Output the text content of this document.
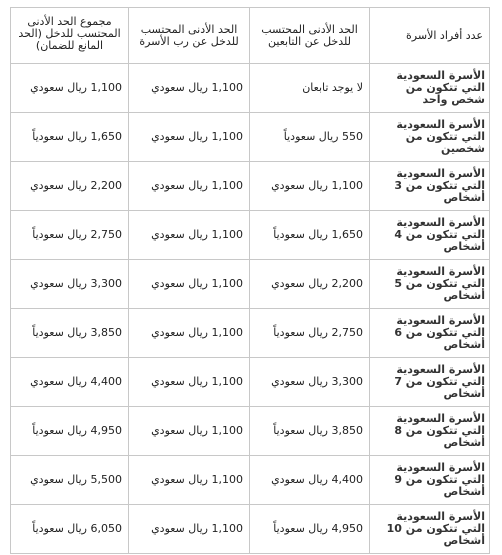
عدد أفراد الأسرة	الحد الأدنى المحتسب للدخل عن التابعين	الحد الأدنى المحتسب للدخل عن رب الأسرة	مجموع الحد الأدنى المحتسب للدخل (الحد المانع للضمان)
الأسرة السعودية التي تتكون من شخص واحد	لا يوجد تابعان	1,100 ريال سعودي	1,100 ريال سعودي
الأسرة السعودية التي تتكون من شخصين	550 ريال سعودياً	1,100 ريال سعودي	1,650 ريال سعودياً
الأسرة السعودية التي تتكون من 3 أشخاص	1,100 ريال سعودي	1,100 ريال سعودي	2,200 ريال سعودي
الأسرة السعودية التي تتكون من 4 أشخاص	1,650 ريال سعودياً	1,100 ريال سعودي	2,750 ريال سعودياً
الأسرة السعودية التي تتكون من 5 أشخاص	2,200 ريال سعودي	1,100 ريال سعودي	3,300 ريال سعودي
الأسرة السعودية التي تتكون من 6 أشخاص	2,750 ريال سعودياً	1,100 ريال سعودي	3,850 ريال سعودياً
الأسرة السعودية التي تتكون من 7 أشخاص	3,300 ريال سعودي	1,100 ريال سعودي	4,400 ريال سعودي
الأسرة السعودية التي تتكون من 8 أشخاص	3,850 ريال سعودياً	1,100 ريال سعودي	4,950 ريال سعودياً
الأسرة السعودية التي تتكون من 9 أشخاص	4,400 ريال سعودي	1,100 ريال سعودي	5,500 ريال سعودي
الأسرة السعودية التي تتكون من 10 أشخاص	4,950 ريال سعودياً	1,100 ريال سعودي	6,050 ريال سعودياً
